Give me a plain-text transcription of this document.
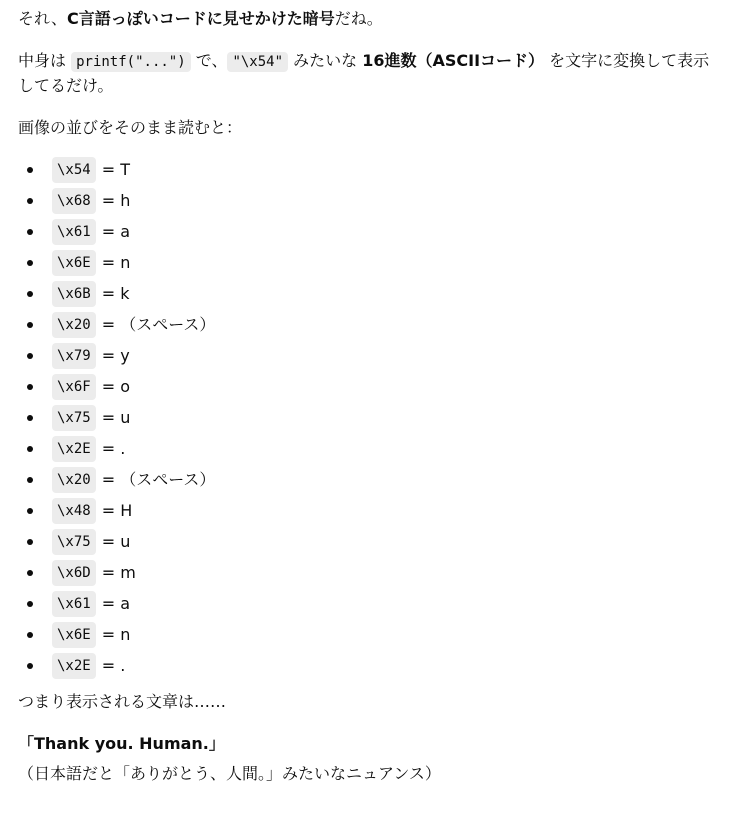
それ、C言語っぽいコードに見せかけた暗号だね。

中身は printf("...") で、 "\x54" みたいな 16進数（ASCIIコード） を文字に変換して表示してるだけ。

画像の並びをそのまま読むと：

\x54 = T
\x68 = h
\x61 = a
\x6E = n
\x6B = k
\x20 = （スペース）
\x79 = y
\x6F = o
\x75 = u
\x2E = .
\x20 = （スペース）
\x48 = H
\x75 = u
\x6D = m
\x61 = a
\x6E = n
\x2E = .

つまり表示される文章は……

「Thank you. Human.」

（日本語だと「ありがとう、人間。」みたいなニュアンス）
